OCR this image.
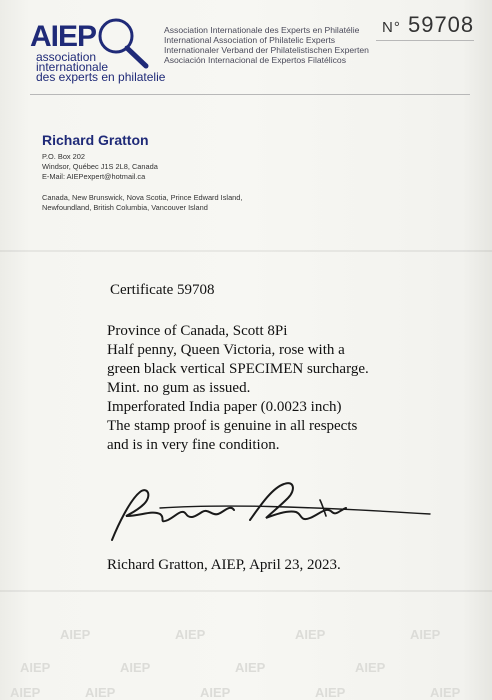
AIEP
association
internationale
des experts en philatelie
Association Internationale des Experts en Philatélie
International Association of Philatelic Experts
Internationaler Verband der Philatelistischen Experten
Asociación Internacional de Expertos Filatélicos
N° 59708
Richard Gratton
P.O. Box 202
Windsor, Québec J1S 2L8, Canada
E-Mail: AIEPexpert@hotmail.ca
Canada, New Brunswick, Nova Scotia, Prince Edward Island,
Newfoundland, British Columbia, Vancouver Island
Certificate 59708
Province of Canada, Scott 8Pi
Half penny, Queen Victoria, rose with a
green black vertical SPECIMEN surcharge.
Mint. no gum as issued.
Imperforated India paper (0.0023 inch)
The stamp proof is genuine in all respects
and is in very fine condition.
Richard Gratton, AIEP, April 23, 2023.
AIEP	AIEP	AIEP	AIEP
AIEP	AIEP	AIEP
AIEP
AIEP	AIEP	AIEP	AIEP	AIEP
